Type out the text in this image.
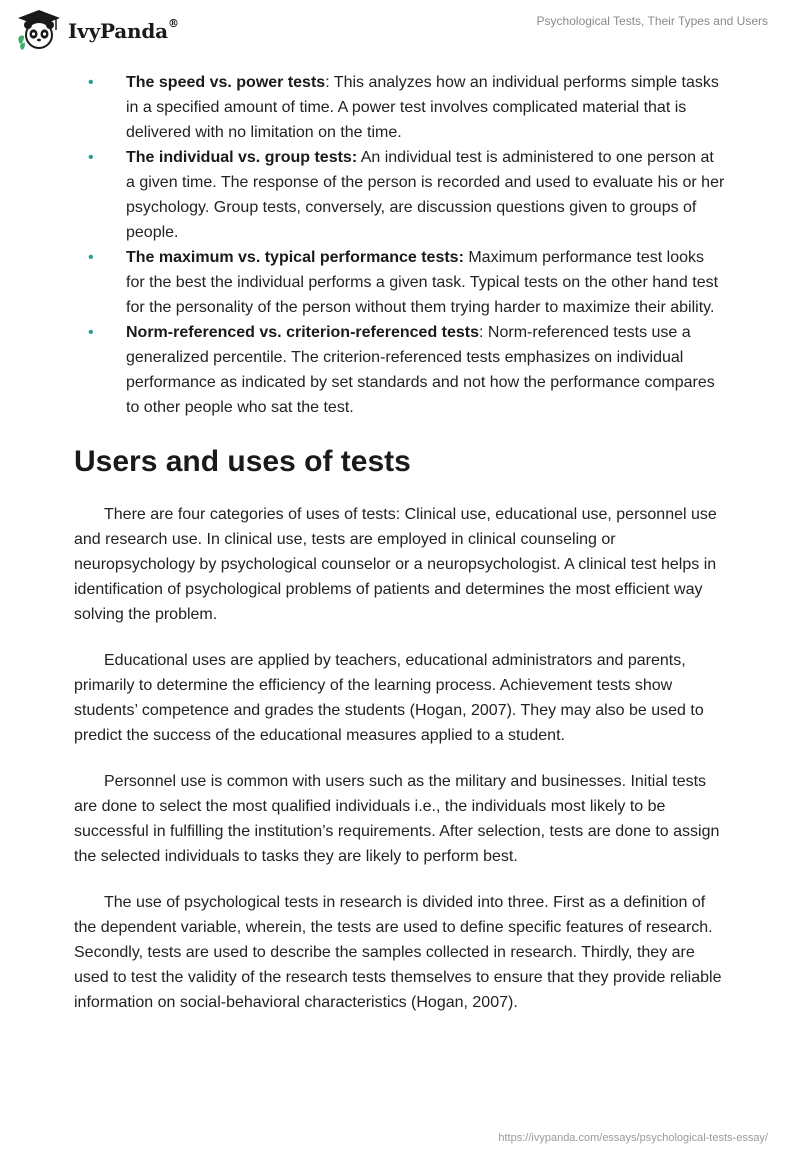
IvyPanda®	Psychological Tests, Their Types and Users
• The speed vs. power tests: This analyzes how an individual performs simple tasks in a specified amount of time. A power test involves complicated material that is delivered with no limitation on the time.
• The individual vs. group tests: An individual test is administered to one person at a given time. The response of the person is recorded and used to evaluate his or her psychology. Group tests, conversely, are discussion questions given to groups of people.
• The maximum vs. typical performance tests: Maximum performance test looks for the best the individual performs a given task. Typical tests on the other hand test for the personality of the person without them trying harder to maximize their ability.
• Norm-referenced vs. criterion-referenced tests: Norm-referenced tests use a generalized percentile. The criterion-referenced tests emphasizes on individual performance as indicated by set standards and not how the performance compares to other people who sat the test.
Users and uses of tests

There are four categories of uses of tests: Clinical use, educational use, personnel use and research use. In clinical use, tests are employed in clinical counseling or neuropsychology by psychological counselor or a neuropsychologist. A clinical test helps in identification of psychological problems of patients and determines the most efficient way solving the problem.

Educational uses are applied by teachers, educational administrators and parents, primarily to determine the efficiency of the learning process. Achievement tests show students’ competence and grades the students (Hogan, 2007). They may also be used to predict the success of the educational measures applied to a student.

Personnel use is common with users such as the military and businesses. Initial tests are done to select the most qualified individuals i.e., the individuals most likely to be successful in fulfilling the institution’s requirements. After selection, tests are done to assign the selected individuals to tasks they are likely to perform best.

The use of psychological tests in research is divided into three. First as a definition of the dependent variable, wherein, the tests are used to define specific features of research. Secondly, tests are used to describe the samples collected in research. Thirdly, they are used to test the validity of the research tests themselves to ensure that they provide reliable information on social-behavioral characteristics (Hogan, 2007).

https://ivypanda.com/essays/psychological-tests-essay/
